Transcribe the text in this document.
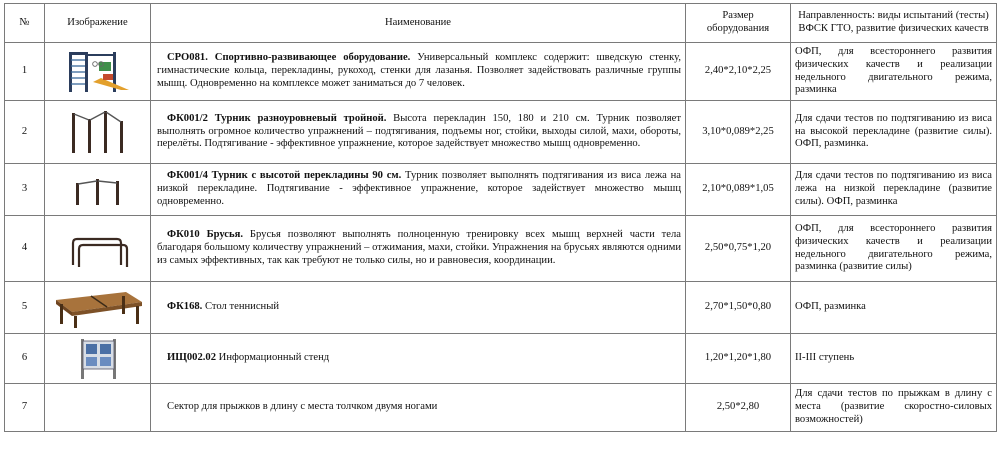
№	Изображение	Наименование	Размер оборудования	Направленность: виды испытаний (тесты) ВФСК ГТО, развитие физических качеств
1		СРО081. Спортивно-развивающее оборудование. Универсальный комплекс содержит: шведскую стенку, гимнастические кольца, перекладины, рукоход, стенки для лазанья. Позволяет задействовать различные группы мышц. Одновременно на комплексе может заниматься до 7 человек.	2,40*2,10*2,25	ОФП, для всестороннего развития физических качеств и реализации недельного двигательного режима, разминка
2		ФК001/2 Турник разноуровневый тройной. Высота перекладин 150, 180 и 210 см. Турник позволяет выполнять огромное количество упражнений – подтягивания, подъемы ног, стойки, выходы силой, махи, обороты, перелёты. Подтягивание - эффективное упражнение, которое задействует множество мышц одновременно.	3,10*0,089*2,25	Для сдачи тестов по подтягиванию из виса на высокой перекладине (развитие силы). ОФП, разминка.
3		ФК001/4 Турник с высотой перекладины 90 см. Турник позволяет выполнять подтягивания из виса лежа на низкой перекладине. Подтягивание - эффективное упражнение, которое задействует множество мышц одновременно.	2,10*0,089*1,05	Для сдачи тестов по подтягиванию из виса лежа на низкой перекладине (развитие силы). ОФП, разминка
4		ФК010 Брусья. Брусья позволяют выполнять полноценную тренировку всех мышц верхней части тела благодаря большому количеству упражнений – отжимания, махи, стойки. Упражнения на брусьях являются одними из самых эффективных, так как требуют не только силы, но и равновесия, координации.	2,50*0,75*1,20	ОФП, для всестороннего развития физических качеств и реализации недельного двигательного режима, разминка (развитие силы)
5		ФК168. Стол теннисный	2,70*1,50*0,80	ОФП, разминка
6		ИЩ002.02 Информационный стенд	1,20*1,20*1,80	II-III ступень
7		Сектор для прыжков в длину с места толчком двумя ногами	2,50*2,80	Для сдачи тестов по прыжкам в длину с места (развитие скоростно-силовых возможностей)
